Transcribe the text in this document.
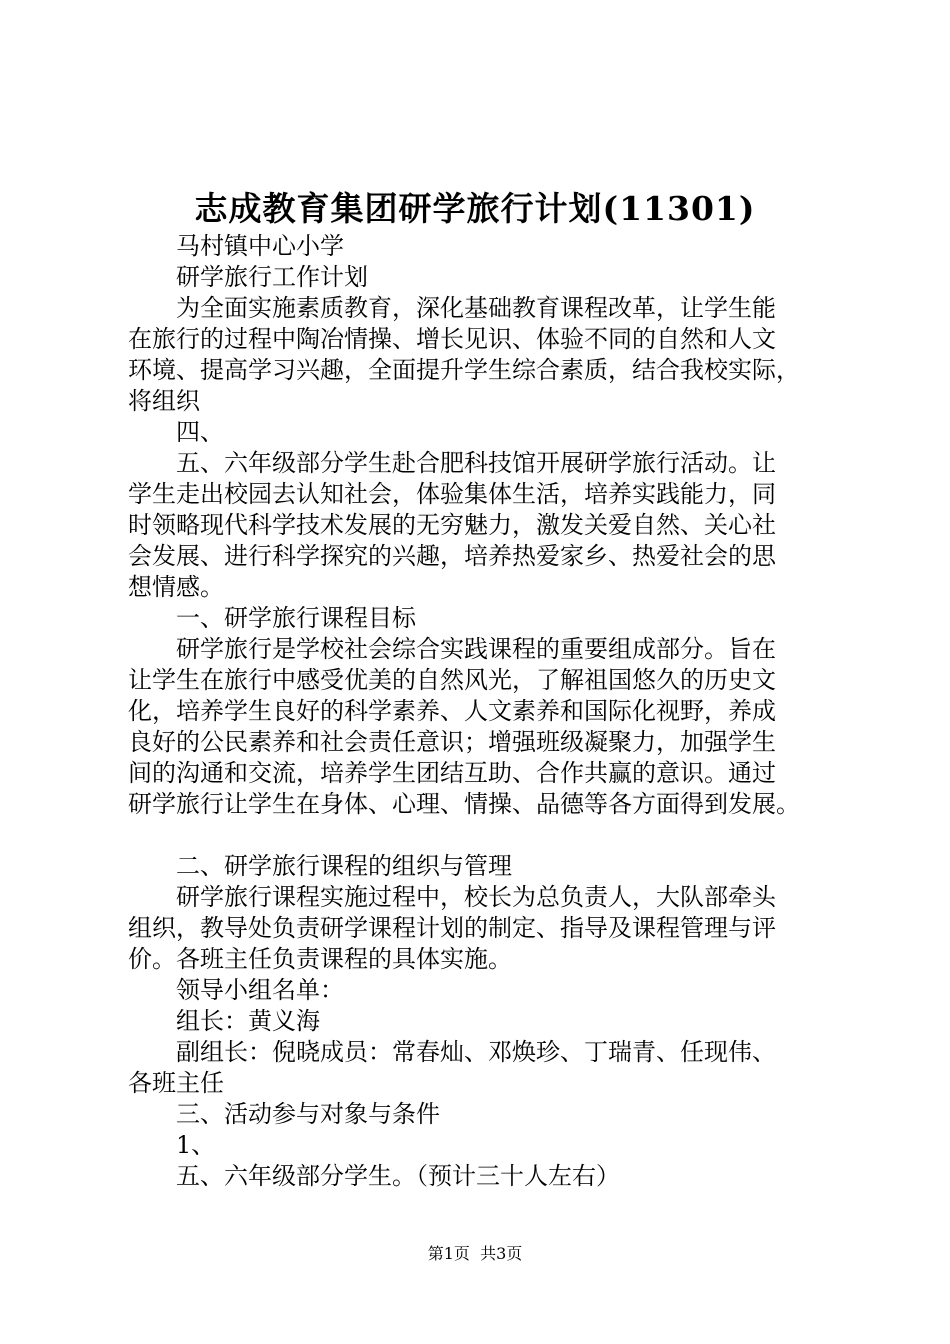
志成教育集团研学旅行计划(11301)
马村镇中心小学
研学旅行工作计划
为全面实施素质教育，深化基础教育课程改革，让学生能
在旅行的过程中陶冶情操、增长见识、体验不同的自然和人文
环境、提高学习兴趣，全面提升学生综合素质，结合我校实际，
将组织
四、
五、六年级部分学生赴合肥科技馆开展研学旅行活动。让
学生走出校园去认知社会，体验集体生活，培养实践能力，同
时领略现代科学技术发展的无穷魅力，激发关爱自然、关心社
会发展、进行科学探究的兴趣，培养热爱家乡、热爱社会的思
想情感。
一、研学旅行课程目标
研学旅行是学校社会综合实践课程的重要组成部分。旨在
让学生在旅行中感受优美的自然风光，了解祖国悠久的历史文
化，培养学生良好的科学素养、人文素养和国际化视野，养成
良好的公民素养和社会责任意识；增强班级凝聚力，加强学生
间的沟通和交流，培养学生团结互助、合作共赢的意识。通过
研学旅行让学生在身体、心理、情操、品德等各方面得到发展。
二、研学旅行课程的组织与管理
研学旅行课程实施过程中，校长为总负责人，大队部牵头
组织，教导处负责研学课程计划的制定、指导及课程管理与评
价。各班主任负责课程的具体实施。
领导小组名单：
组长：黄义海
副组长：倪晓成员：常春灿、邓焕珍、丁瑞青、任现伟、
各班主任
三、活动参与对象与条件
1、
五、六年级部分学生。（预计三十人左右）
第1页  共3页
